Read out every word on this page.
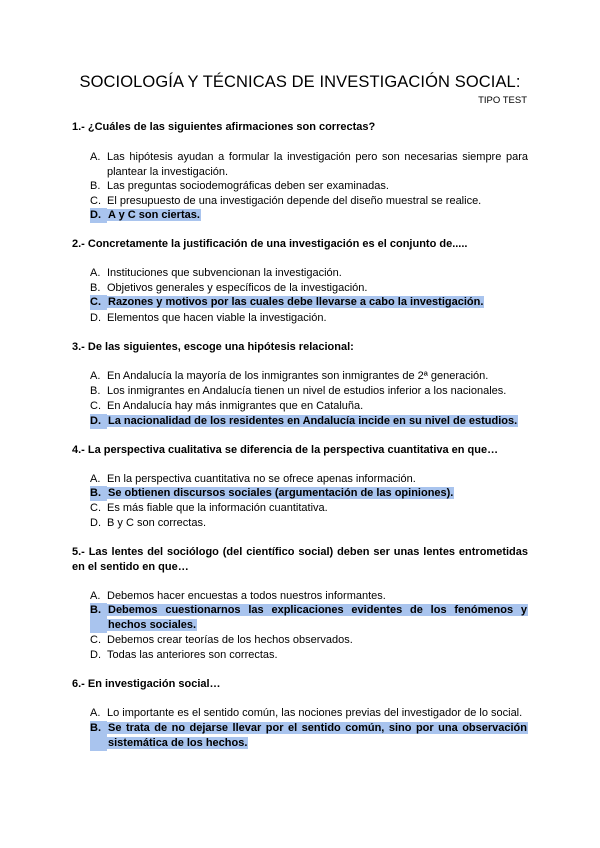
SOCIOLOGÍA Y TÉCNICAS DE INVESTIGACIÓN SOCIAL:
TIPO TEST
1.- ¿Cuáles de las siguientes afirmaciones son correctas?
A. Las hipótesis ayudan a formular la investigación pero son necesarias siempre para plantear la investigación.
B. Las preguntas sociodemográficas deben ser examinadas.
C. El presupuesto de una investigación depende del diseño muestral se realice.
D. A y C son ciertas.
2.- Concretamente la justificación de una investigación es el conjunto de.....
A. Instituciones que subvencionan la investigación.
B. Objetivos generales y específicos de la investigación.
C. Razones y motivos por las cuales debe llevarse a cabo la investigación.
D. Elementos que hacen viable la investigación.
3.- De las siguientes, escoge una hipótesis relacional:
A. En Andalucía la mayoría de los inmigrantes son inmigrantes de 2ª generación.
B. Los inmigrantes en Andalucía tienen un nivel de estudios inferior a los nacionales.
C. En Andalucía hay más inmigrantes que en Cataluña.
D. La nacionalidad de los residentes en Andalucía incide en su nivel de estudios.
4.- La perspectiva cualitativa se diferencia de la perspectiva cuantitativa en que…
A. En la perspectiva cuantitativa no se ofrece apenas información.
B. Se obtienen discursos sociales (argumentación de las opiniones).
C. Es más fiable que la información cuantitativa.
D. B y C son correctas.
5.- Las lentes del sociólogo (del científico social) deben ser unas lentes entrometidas en el sentido en que…
A. Debemos hacer encuestas a todos nuestros informantes.
B. Debemos cuestionarnos las explicaciones evidentes de los fenómenos y hechos sociales.
C. Debemos crear teorías de los hechos observados.
D. Todas las anteriores son correctas.
6.- En investigación social…
A. Lo importante es el sentido común, las nociones previas del investigador de lo social.
B. Se trata de no dejarse llevar por el sentido común, sino por una observación sistemática de los hechos.
